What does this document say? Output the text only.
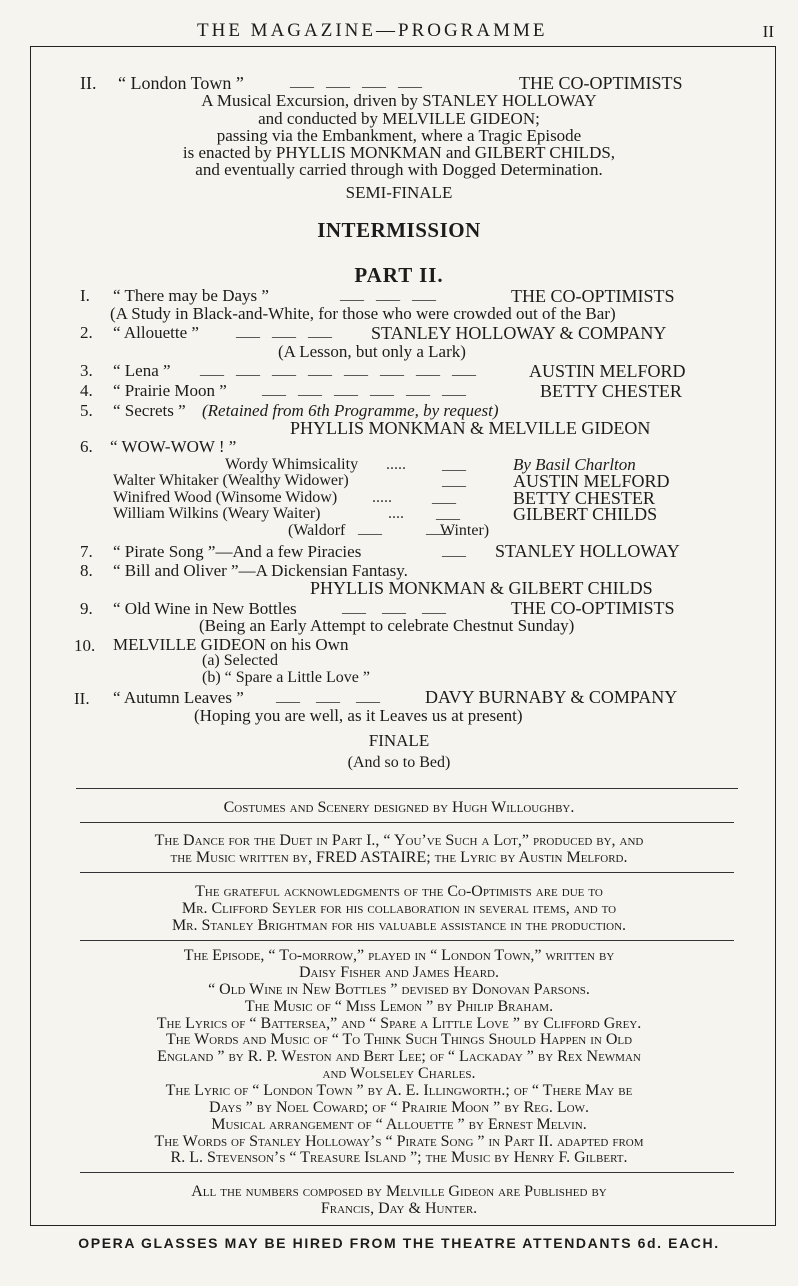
THE MAGAZINE—PROGRAMME	II
II. “ London Town ”	___   ___   ___   ___	THE CO-OPTIMISTS
A Musical Excursion, driven by STANLEY HOLLOWAY
and conducted by MELVILLE GIDEON;
passing via the Embankment, where a Tragic Episode
is enacted by PHYLLIS MONKMAN and GILBERT CHILDS,
and eventually carried through with Dogged Determination.
SEMI-FINALE
INTERMISSION
PART II.
I. “ There may be Days ”	___   ___   ___	THE CO-OPTIMISTS
(A Study in Black-and-White, for those who were crowded out of the Bar)
2. “ Allouette ” ___   ___   ___ STANLEY HOLLOWAY & COMPANY
(A Lesson, but only a Lark)
3. “ Lena ” ___   ___   ___   ___   ___   ___   ___   ___	AUSTIN MELFORD
4. “ Prairie Moon ” ___   ___   ___   ___   ___   ___	BETTY CHESTER
5. “ Secrets ” (Retained from 6th Programme, by request)
PHYLLIS MONKMAN & MELVILLE GIDEON
6. “ WOW-WOW ! ”
Wordy Whimsicality .....         ___	By Basil Charlton
Walter Whitaker (Wealthy Widower)	___	AUSTIN MELFORD
Winifred Wood (Winsome Widow) .....          ___	BETTY CHESTER
William Wilkins (Weary Waiter)	....        ___	GILBERT CHILDS
(Waldorf ___           ___
Winter)
7. “ Pirate Song ”—And a few Piracies	___ STANLEY HOLLOWAY
8. “ Bill and Oliver ”—A Dickensian Fantasy.
PHYLLIS MONKMAN & GILBERT CHILDS
9. “ Old Wine in New Bottles	___    ___    ___	THE CO-OPTIMISTS
(Being an Early Attempt to celebrate Chestnut Sunday)
10. MELVILLE GIDEON on his Own
(a) Selected
(b) “ Spare a Little Love ”
II. “ Autumn Leaves ” ___    ___    ___	DAVY BURNABY & COMPANY
(Hoping you are well, as it Leaves us at present)
FINALE
(And so to Bed)
Costumes and Scenery designed by Hugh Willoughby.
The Dance for the Duet in Part I., “ You’ve Such a Lot,” produced by, and
the Music written by, FRED ASTAIRE; the Lyric by Austin Melford.
The grateful acknowledgments of the Co-Optimists are due to
Mr. Clifford Seyler for his collaboration in several items, and to
Mr. Stanley Brightman for his valuable assistance in the production.
The Episode, “ To-morrow,” played in “ London Town,” written by
Daisy Fisher and James Heard.
“ Old Wine in New Bottles ” devised by Donovan Parsons.
The Music of “ Miss Lemon ” by Philip Braham.
The Lyrics of “ Battersea,” and “ Spare a Little Love ” by Clifford Grey.
The Words and Music of “ To Think Such Things Should Happen in Old
England ” by R. P. Weston and Bert Lee; of “ Lackaday ” by Rex Newman
and Wolseley Charles.
The Lyric of “ London Town ” by A. E. Illingworth.; of “ There May be
Days ” by Noel Coward; of “ Prairie Moon ” by Reg. Low.
Musical arrangement of “ Allouette ” by Ernest Melvin.
The Words of Stanley Holloway’s “ Pirate Song ” in Part II. adapted from
R. L. Stevenson’s “ Treasure Island ”; the Music by Henry F. Gilbert.
All the numbers composed by Melville Gideon are Published by
Francis, Day & Hunter.
OPERA GLASSES MAY BE HIRED FROM THE THEATRE ATTENDANTS 6d. EACH.
